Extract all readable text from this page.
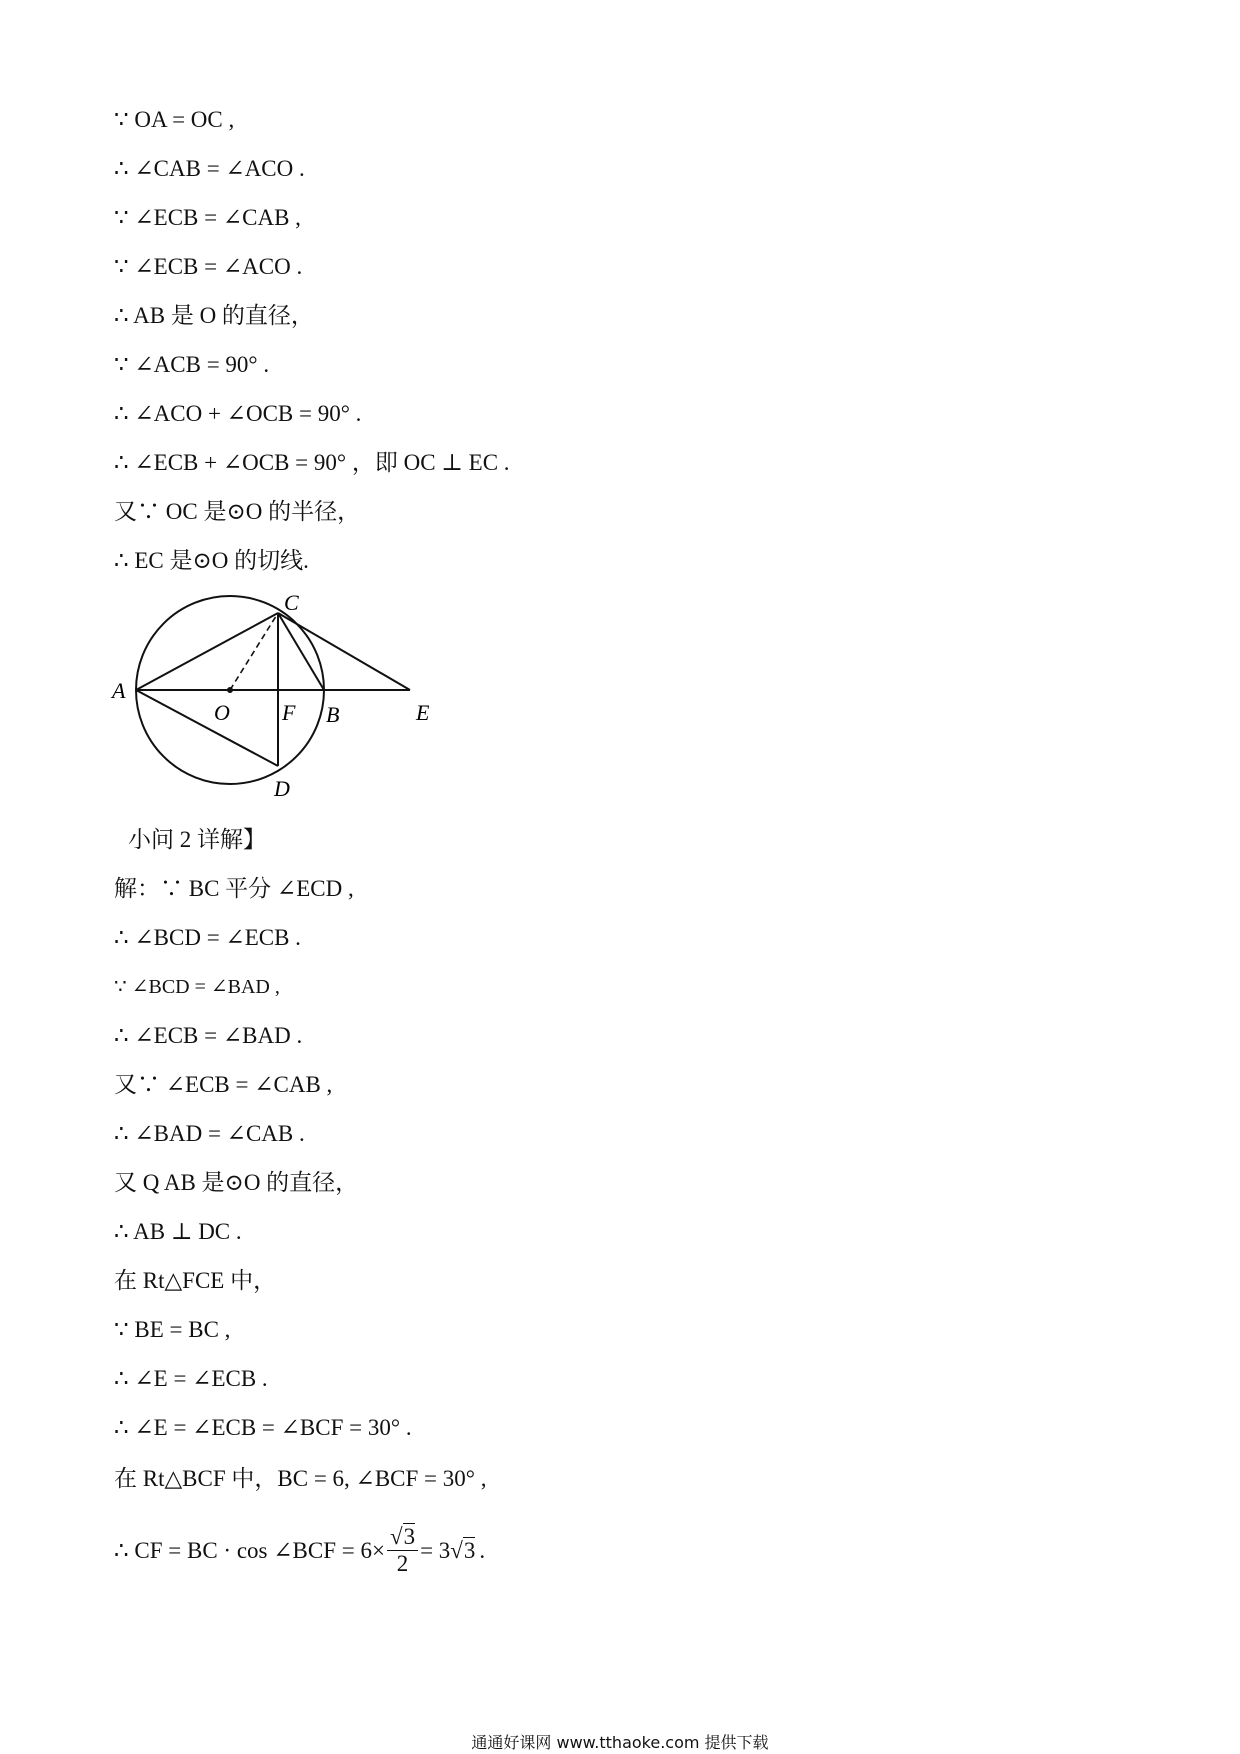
∵ OA = OC ,
∴ ∠CAB = ∠ACO .
∵ ∠ECB = ∠CAB ,
∵ ∠ECB = ∠ACO .
∴ AB 是 O 的直径，
∵ ∠ACB = 90° .
∴ ∠ACO + ∠OCB = 90° .
∴ ∠ECB + ∠OCB = 90° ，即 OC ⊥ EC .
又∵ OC 是⊙O 的半径，
∴ EC 是⊙O 的切线.
A
O F B	E
C
D
小问 2 详解】
解：∵ BC 平分 ∠ECD ,
∴ ∠BCD = ∠ECB .
∵ ∠BCD = ∠BAD ,
∴ ∠ECB = ∠BAD .
又∵ ∠ECB = ∠CAB ,
∴ ∠BAD = ∠CAB .
又 Q AB 是⊙O 的直径，
∴ AB ⊥ DC .
在 Rt△FCE 中，
∵ BE = BC ,
∴ ∠E = ∠ECB .
∴ ∠E = ∠ECB = ∠BCF = 30° .
在 Rt△BCF 中，BC = 6, ∠BCF = 30° ,
∴ CF = BC · cos ∠BCF = $6\times \frac{√3}{2} = 3$ √ 3 .
通通好课网 www.tthaoke.com 提供下载
